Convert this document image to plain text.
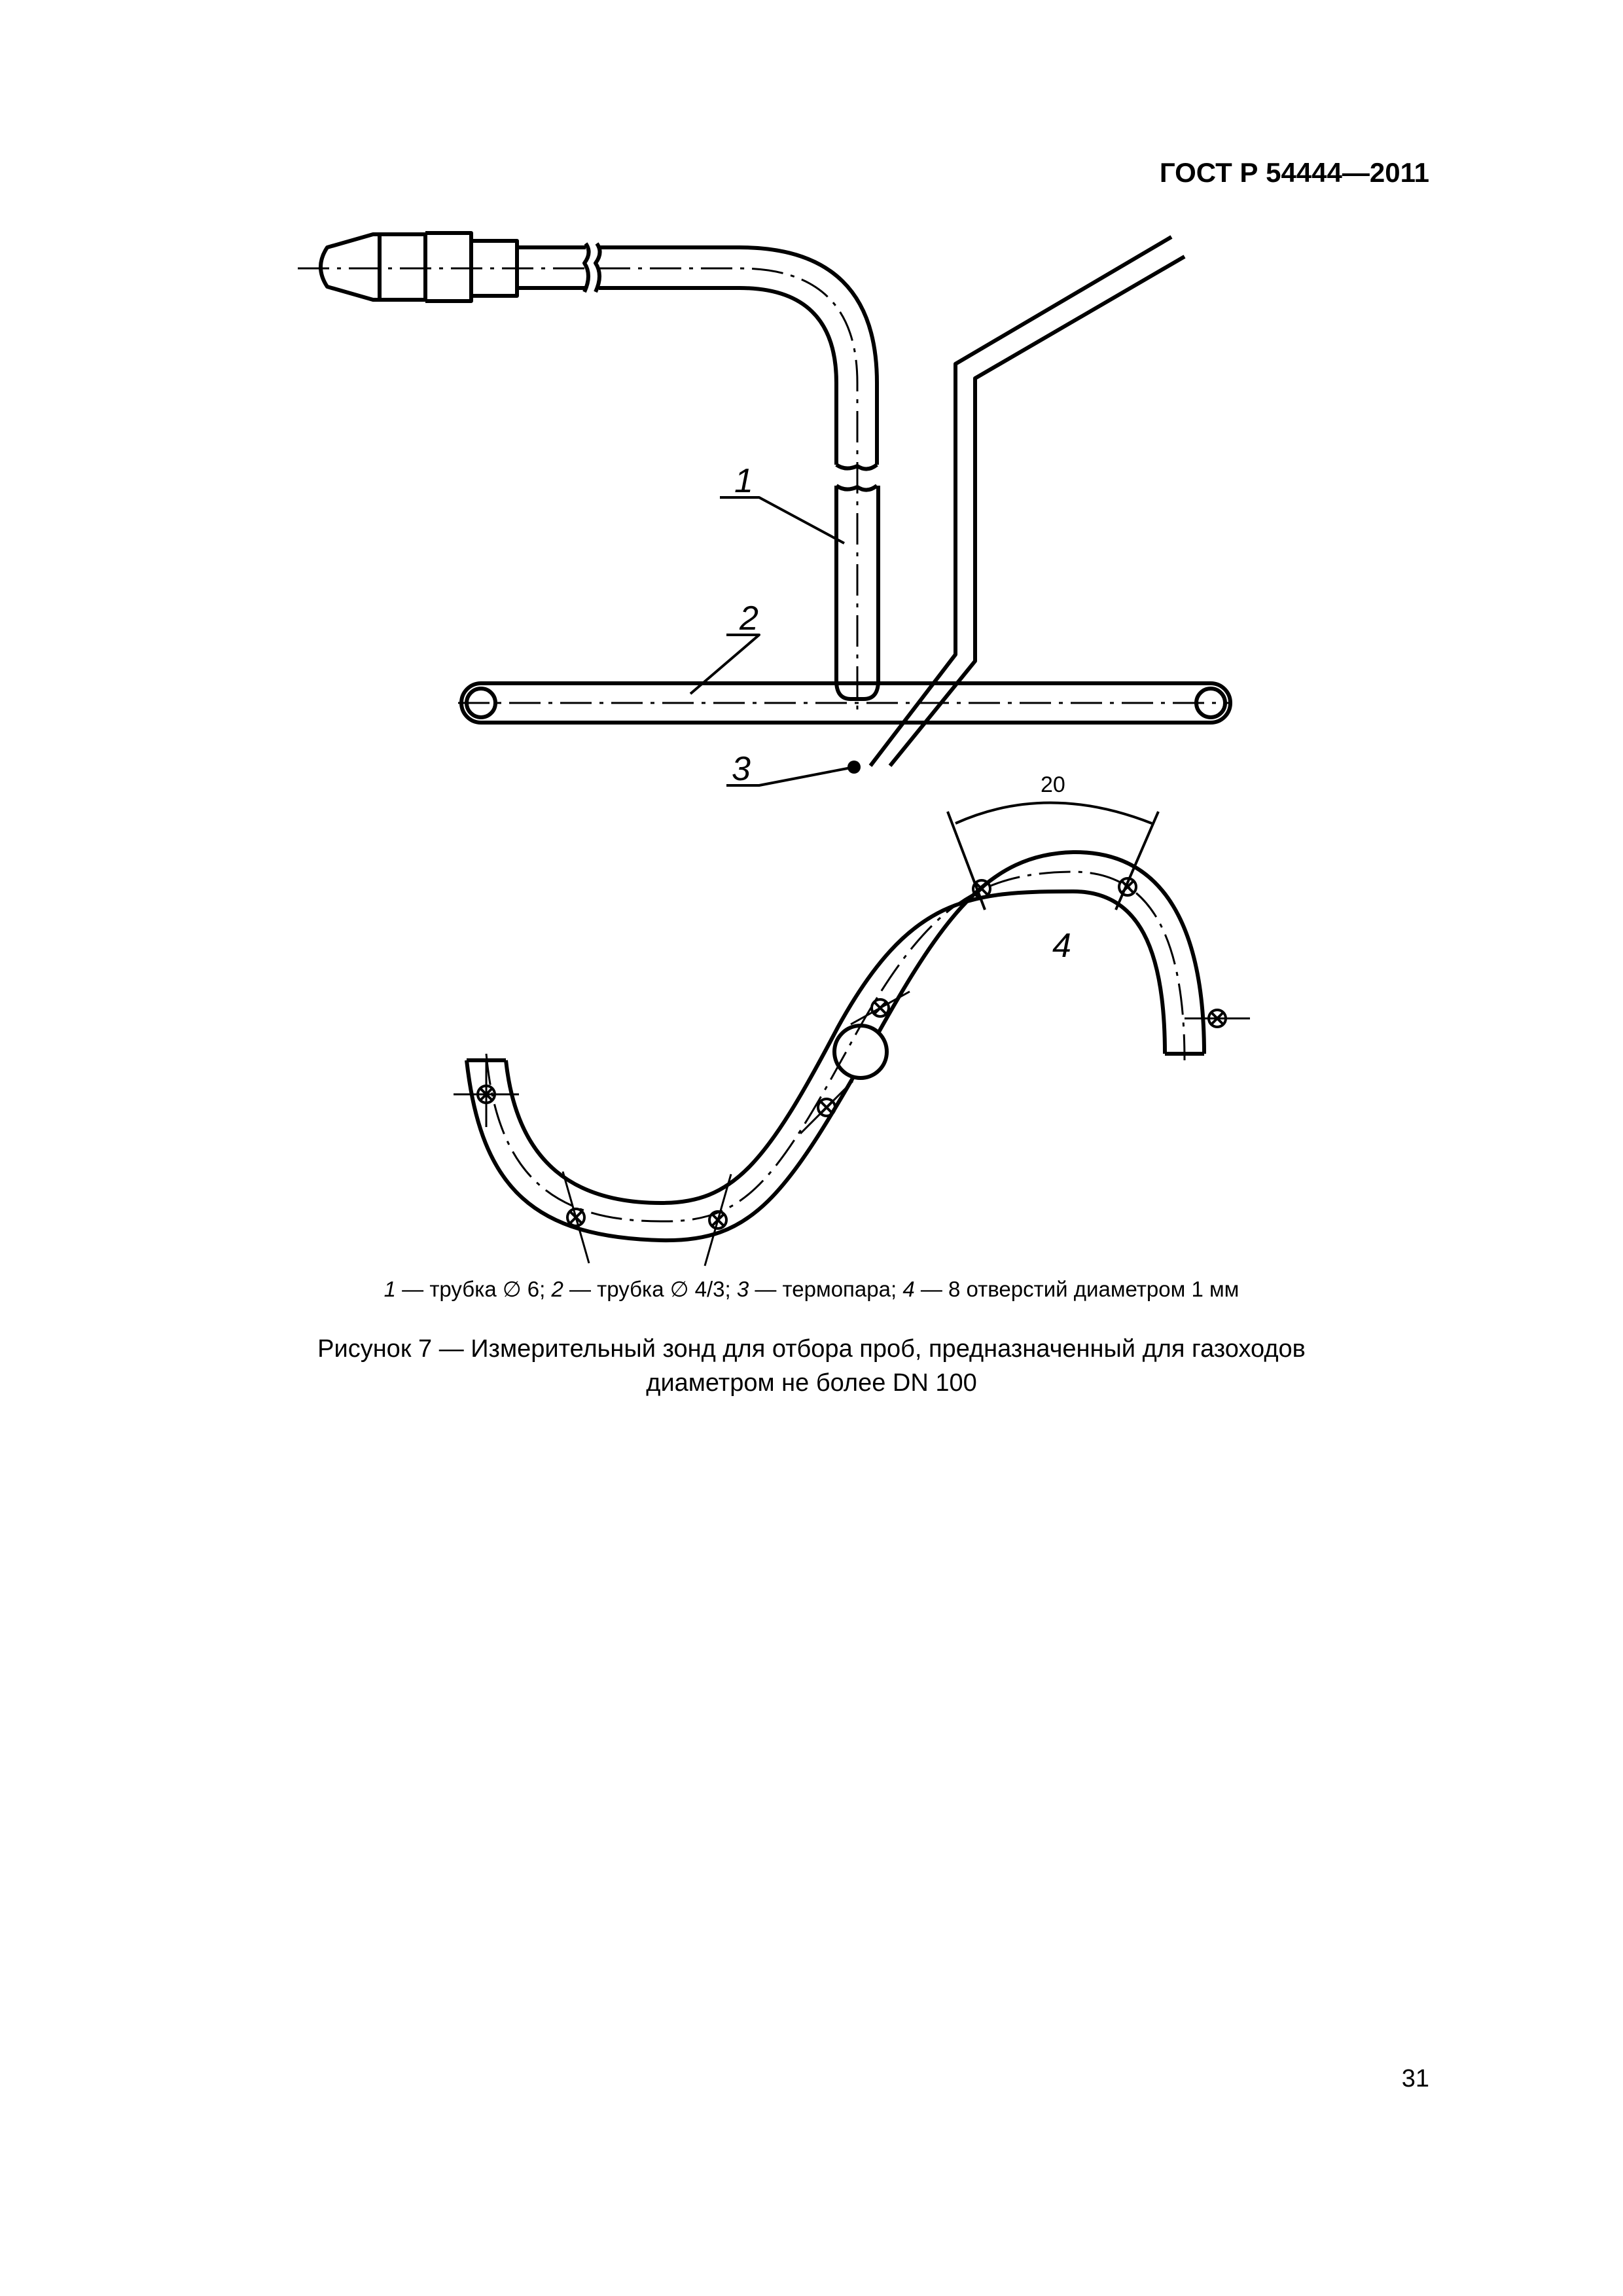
ГОСТ Р 54444—2011
1
2
3
4
20
1 — трубка ∅ 6; 2 — трубка ∅ 4/3; 3 — термопара; 4 — 8 отверстий диаметром 1 мм
Рисунок 7 — Измерительный зонд для отбора проб, предназначенный для газоходов
диаметром не более DN 100
31
